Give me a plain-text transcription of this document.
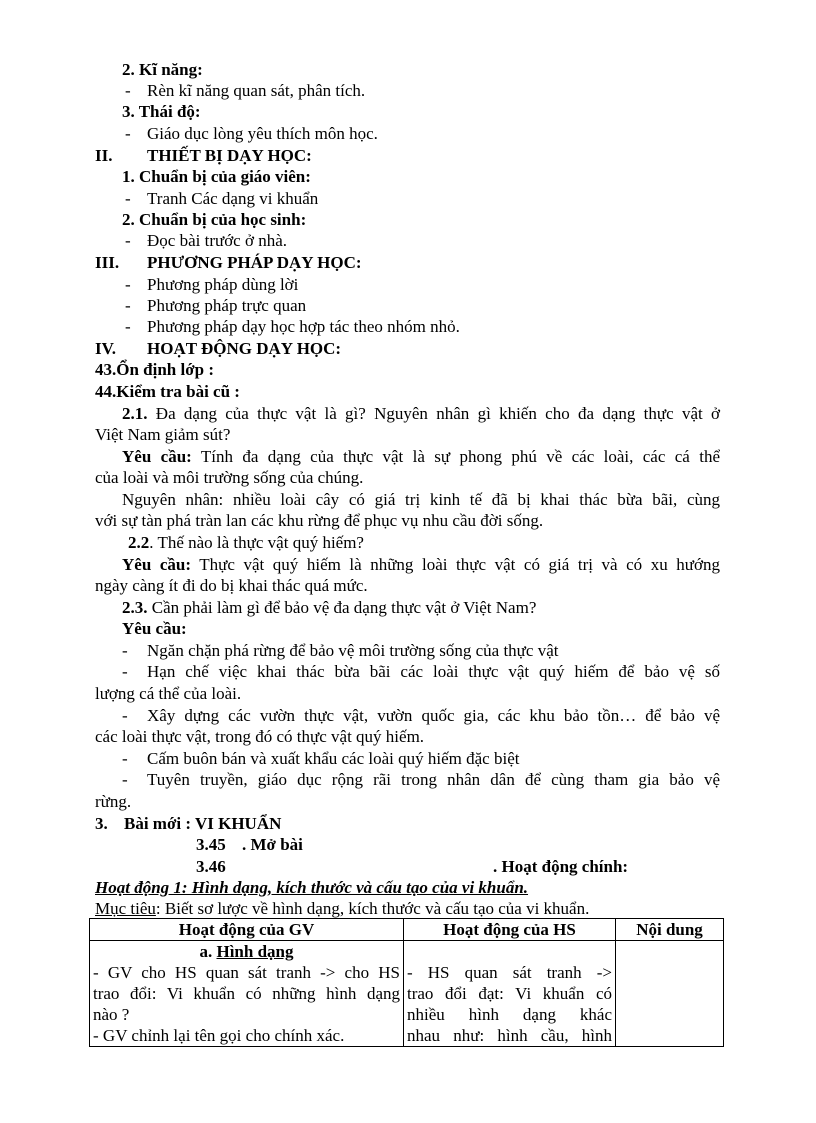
2. Kĩ năng:
- Rèn kĩ năng quan sát, phân tích.
3. Thái độ:
- Giáo dục lòng yêu thích môn học.
II. THIẾT BỊ DẠY HỌC:
1. Chuẩn bị của giáo viên:
- Tranh Các dạng vi khuẩn
2. Chuẩn bị của học sinh:
- Đọc bài trước ở nhà.
III. PHƯƠNG PHÁP DẠY HỌC:
- Phương pháp dùng lời
- Phương pháp trực quan
- Phương pháp dạy học hợp tác theo nhóm nhỏ.
IV. HOẠT ĐỘNG DẠY HỌC:
43.Ổn định lớp :
44.Kiểm tra bài cũ :
2.1. Đa dạng của thực vật là gì? Nguyên nhân gì khiến cho đa dạng thực vật ở
Việt Nam giảm sút?
Yêu cầu: Tính đa dạng của thực vật là sự phong phú về các loài, các cá thể
của loài và môi trường sống của chúng.
Nguyên nhân: nhiều loài cây có giá trị kinh tế đã bị khai thác bừa bãi, cùng
với sự tàn phá tràn lan các khu rừng để phục vụ nhu cầu đời sống.
2.2. Thế nào là thực vật quý hiếm?
Yêu cầu: Thực vật quý hiếm là những loài thực vật có giá trị và có xu hướng
ngày càng ít đi do bị khai thác quá mức.
2.3. Cần phải làm gì để bảo vệ đa dạng thực vật ở Việt Nam?
Yêu cầu:
- Ngăn chặn phá rừng để bảo vệ môi trường sống của thực vật
- Hạn chế việc khai thác bừa bãi các loài thực vật quý hiếm để bảo vệ số
lượng cá thể của loài.
- Xây dựng các vườn thực vật, vườn quốc gia, các khu bảo tồn… để bảo vệ
các loài thực vật, trong đó có thực vật quý hiếm.
- Cấm buôn bán và xuất khẩu các loài quý hiếm đặc biệt
- Tuyên truyền, giáo dục rộng rãi trong nhân dân để cùng tham gia bảo vệ
rừng.
3. Bài mới : VI KHUẨN
3.45 . Mở bài
3.46	. Hoạt động chính:
Hoạt động 1: Hình dạng, kích thước và cấu tạo của vi khuẩn.
Mục tiêu: Biết sơ lược về hình dạng, kích thước và cấu tạo của vi khuẩn.
Hoạt động của GV	Hoạt động của HS	Nội dung

a. Hình dạng
- GV cho HS quan sát tranh -> cho HS
trao đổi: Vi khuẩn có những hình dạng
nào ?
- GV chỉnh lại tên gọi cho chính xác.	- HS quan sát tranh ->
trao đổi đạt: Vi khuẩn có
nhiều hình dạng khác
nhau như: hình cầu, hình	
